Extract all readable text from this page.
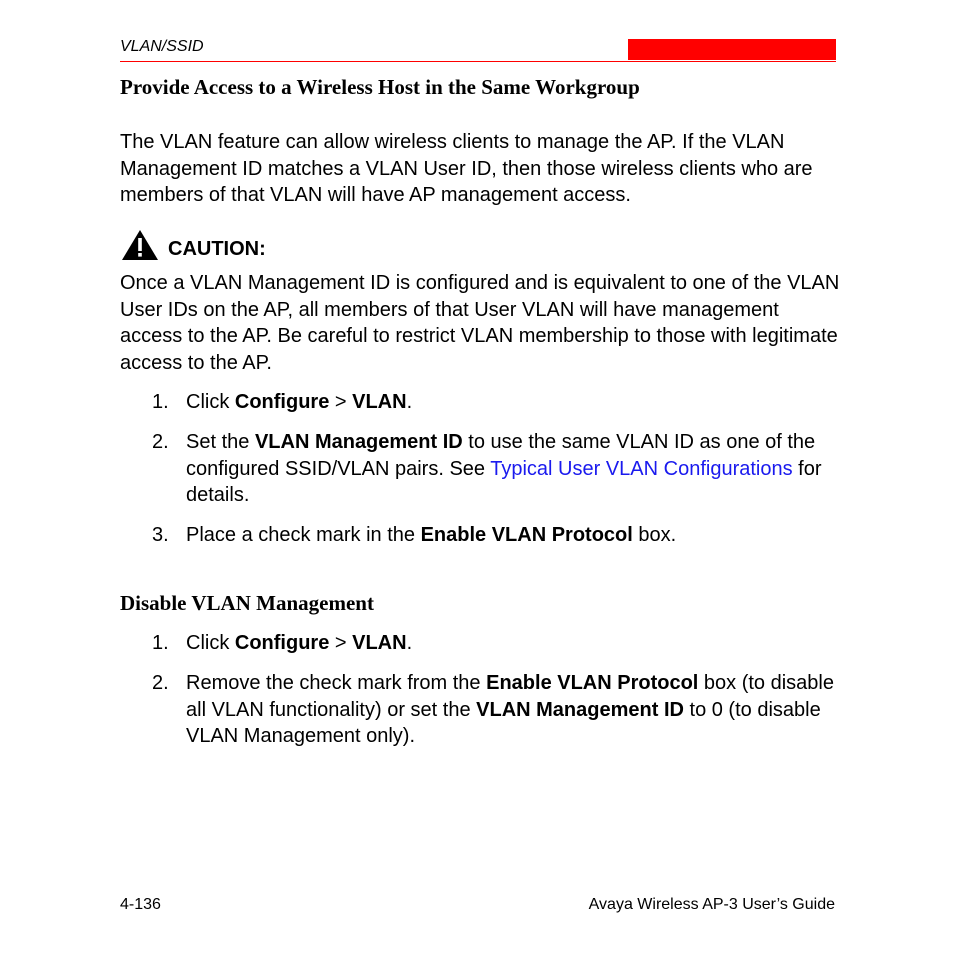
VLAN/SSID
Provide Access to a Wireless Host in the Same Workgroup
The VLAN feature can allow wireless clients to manage the AP. If the VLAN Management ID matches a VLAN User ID, then those wireless clients who are members of that VLAN will have AP management access.
CAUTION:
Once a VLAN Management ID is configured and is equivalent to one of the VLAN User IDs on the AP, all members of that User VLAN will have management access to the AP. Be careful to restrict VLAN membership to those with legitimate access to the AP.
1. Click Configure > VLAN.
2. Set the VLAN Management ID to use the same VLAN ID as one of the configured SSID/VLAN pairs. See Typical User VLAN Configurations for details.
3. Place a check mark in the Enable VLAN Protocol box.
Disable VLAN Management
1. Click Configure > VLAN.
2. Remove the check mark from the Enable VLAN Protocol box (to disable all VLAN functionality) or set the VLAN Management ID to 0 (to disable VLAN Management only).
4-136	Avaya Wireless AP-3 User’s Guide
